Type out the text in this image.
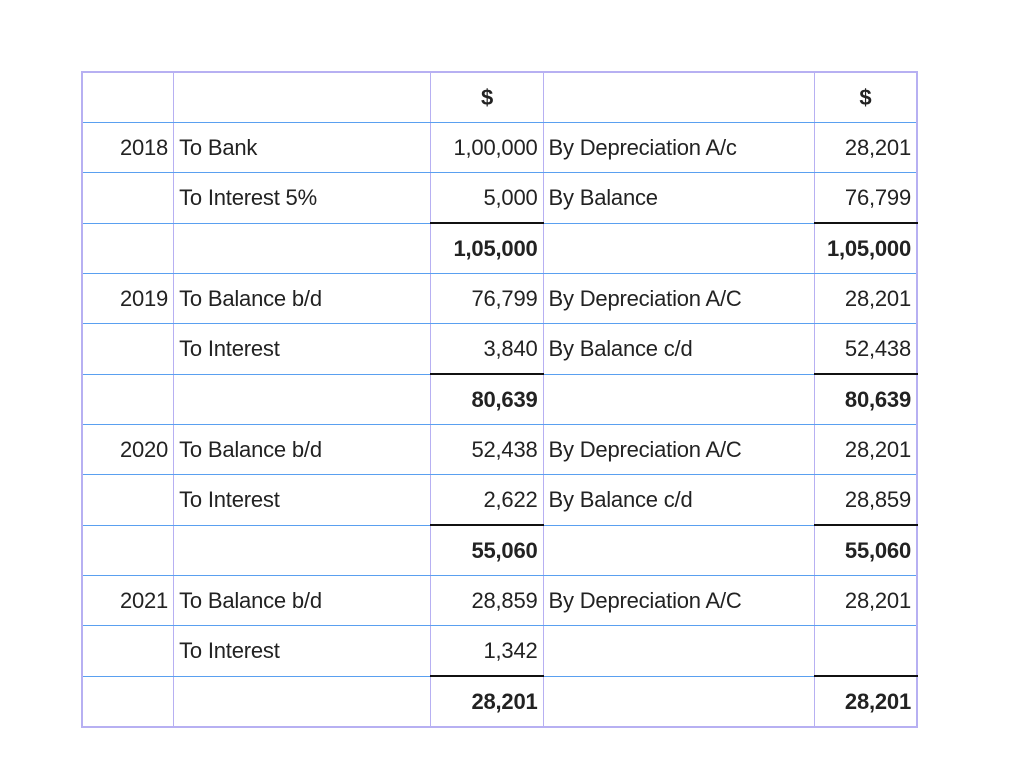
		$		$
2018	To Bank	1,00,000	By Depreciation A/c	28,201
	To Interest 5%	5,000	By Balance	76,799
		1,05,000		1,05,000
2019	To Balance b/d	76,799	By Depreciation A/C	28,201
	To Interest	3,840	By Balance c/d	52,438
		80,639		80,639
2020	To Balance b/d	52,438	By Depreciation A/C	28,201
	To Interest	2,622	By Balance c/d	28,859
		55,060		55,060
2021	To Balance b/d	28,859	By Depreciation A/C	28,201
	To Interest	1,342		
		28,201		28,201
